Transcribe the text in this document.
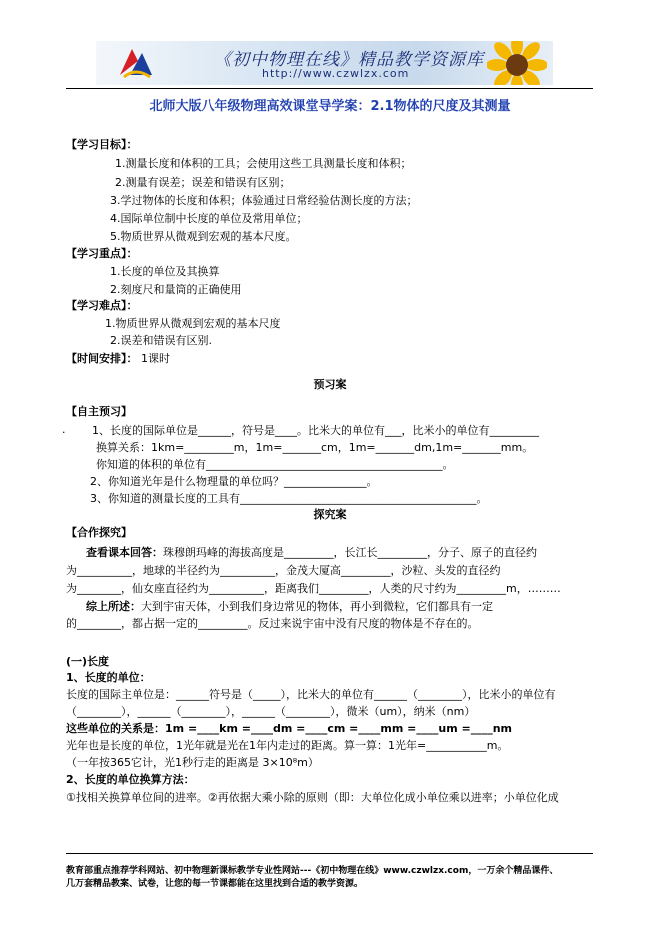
《初中物理在线》精品教学资源库
http://www.czwlzx.com
北师大版八年级物理高效课堂导学案：2.1物体的尺度及其测量
【学习目标】：
1.测量长度和体积的工具；会使用这些工具测量长度和体积；
2.测量有误差；误差和错误有区别；
3.学过物体的长度和体积；体验通过日常经验估测长度的方法；
4.国际单位制中长度的单位及常用单位；
5.物质世界从微观到宏观的基本尺度。
【学习重点】：
1.长度的单位及其换算
2.刻度尺和量筒的正确使用
【学习难点】：
1.物质世界从微观到宏观的基本尺度
2.误差和错误有区别.
【时间安排】： 1课时
预习案
【自主预习】
. 1、长度的国际单位是______，符号是____。比米大的单位有___，比米小的单位有_________
换算关系：1km=_________m，1m=_______cm，1m=_______dm,1m=_______mm。
你知道的体积的单位有___________________________________________。
2、你知道光年是什么物理量的单位吗？_______________。
3、你知道的测量长度的工具有___________________________________________。
探究案
【合作探究】
查看课本回答：珠穆朗玛峰的海拔高度是_________，长江长_________，分子、原子的直径约
为__________，地球的半径约为__________，金茂大厦高_________，沙粒、头发的直径约
为________，仙女座直径约为__________，距离我们_________，人类的尺寸约为_________m，………
综上所述：大到宇宙天体，小到我们身边常见的物体，再小到微粒，它们都具有一定
的________，都占据一定的_________。反过来说宇宙中没有尺度的物体是不存在的。
(一)长度
1、长度的单位：
长度的国际主单位是：______符号是（_____），比米大的单位有______（________），比米小的单位有
（________），______（________），______（________），微米（um），纳米（nm）
这些单位的关系是：1m =____km =____dm =____cm =____mm =____um =____nm
光年也是长度的单位，1光年就是光在1年内走过的距离。算一算：1光年=___________m。
（一年按365它计，光1秒行走的距离是 3×10⁸m）
2、长度的单位换算方法：
①找相关换算单位间的进率。②再依据大乘小除的原则（即：大单位化成小单位乘以进率；小单位化成
教育部重点推荐学科网站、初中物理新课标教学专业性网站---《初中物理在线》www.czwlzx.com，一万余个精品课件、
几万套精品教案、试卷，让您的每一节课都能在这里找到合适的教学资源。
